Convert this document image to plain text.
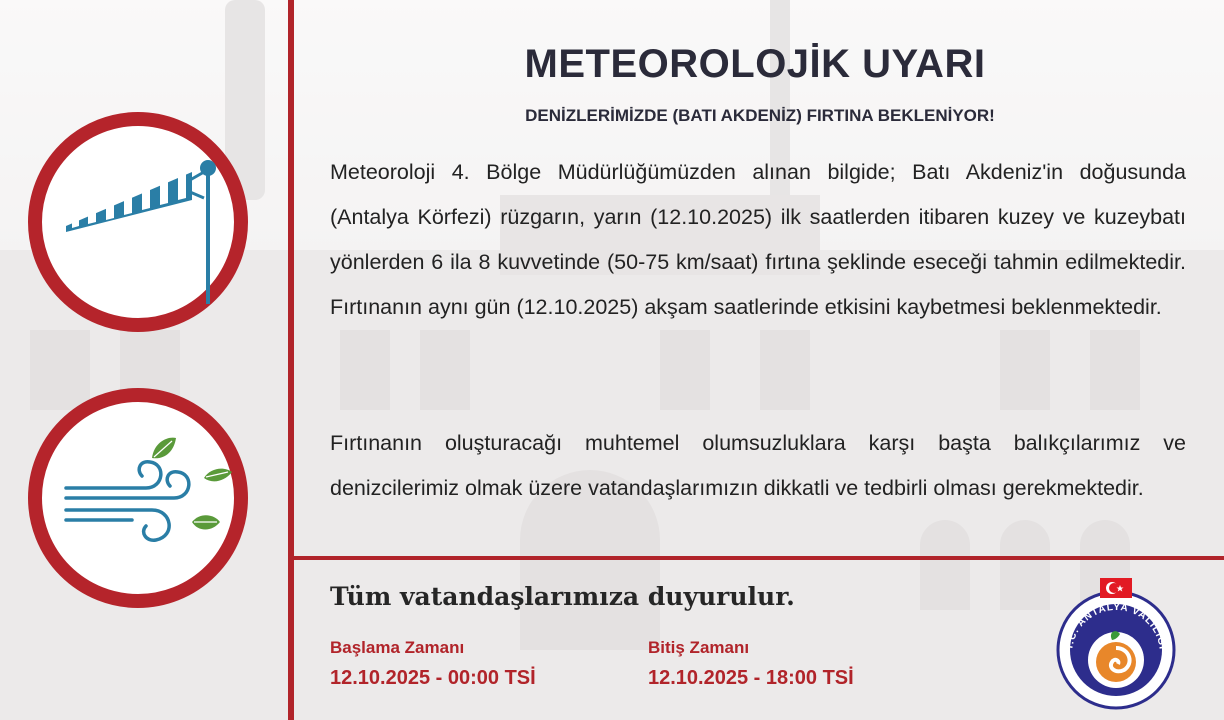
METEOROLOJİK UYARI
DENİZLERİMİZDE (BATI AKDENİZ) FIRTINA BEKLENİYOR!

Meteoroloji 4. Bölge Müdürlüğümüzden alınan bilgide; Batı Akdeniz'in doğusunda (Antalya Körfezi) rüzgarın, yarın (12.10.2025) ilk saatlerden itibaren kuzey ve kuzeybatı yönlerden 6 ila 8 kuvvetinde (50-75 km/saat) fırtına şeklinde eseceği tahmin edilmektedir. Fırtınanın aynı gün (12.10.2025) akşam saatlerinde etkisini kaybetmesi beklenmektedir.

Fırtınanın oluşturacağı muhtemel olumsuzluklara karşı başta balıkçılarımız ve denizcilerimiz olmak üzere vatandaşlarımızın dikkatli ve tedbirli olması gerekmektedir.

Tüm vatandaşlarımıza duyurulur.
Başlama Zamanı
12.10.2025 - 00:00 TSİ
Bitiş Zamanı
12.10.2025 - 18:00 TSİ
T.C. ANTALYA VALİLİĞİ
